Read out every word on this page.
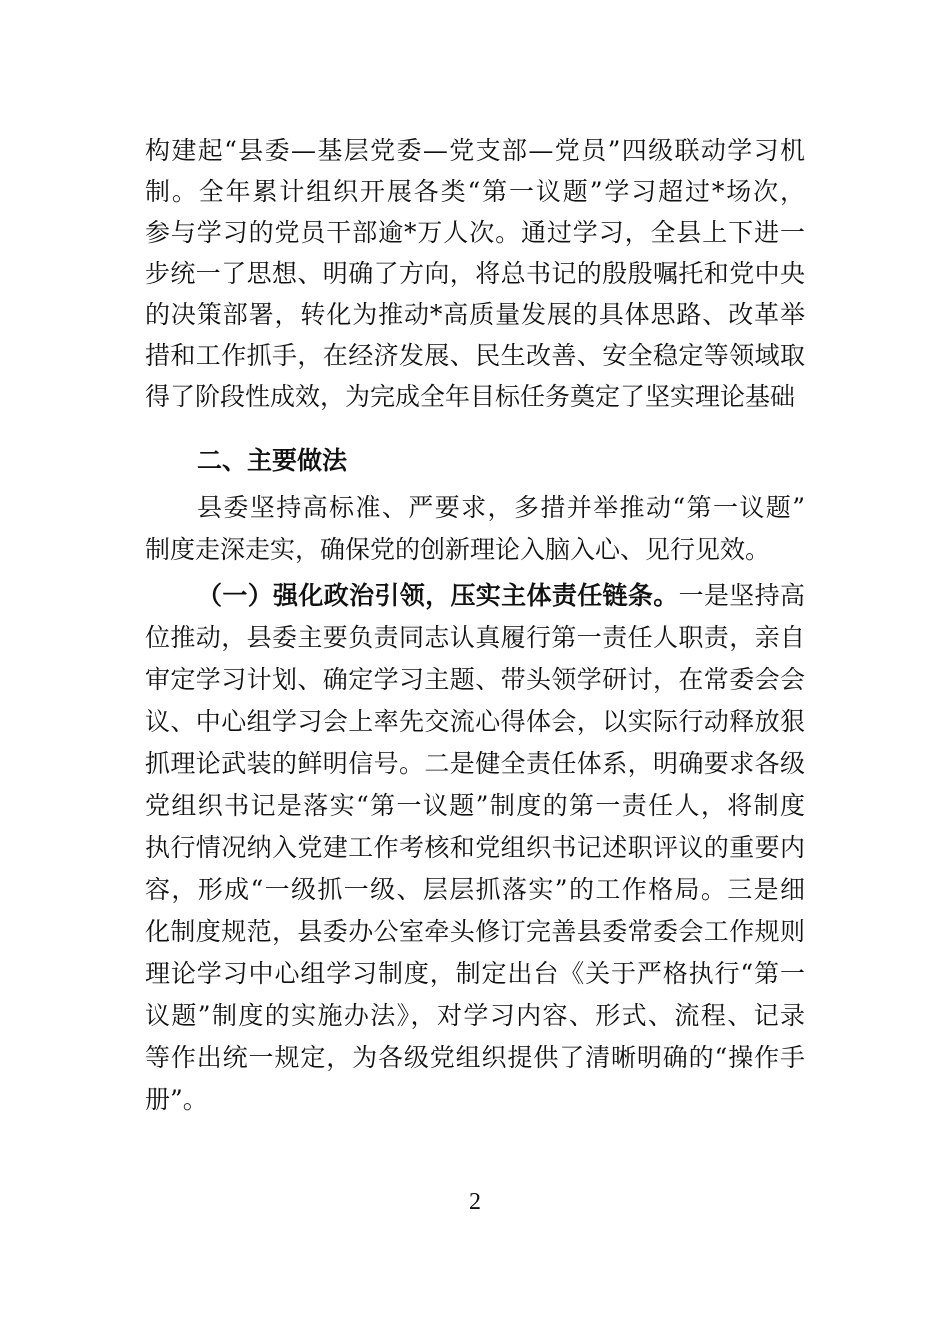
构建起“县委—基层党委—党支部—党员”四级联动学习机
制。全年累计组织开展各类“第一议题”学习超过*场次，
参与学习的党员干部逾*万人次。通过学习，全县上下进一
步统一了思想、明确了方向，将总书记的殷殷嘱托和党中央
的决策部署，转化为推动*高质量发展的具体思路、改革举
措和工作抓手，在经济发展、民生改善、安全稳定等领域取
得了阶段性成效，为完成全年目标任务奠定了坚实理论基础
二、主要做法
县委坚持高标准、严要求，多措并举推动“第一议题”
制度走深走实，确保党的创新理论入脑入心、见行见效。
（一）强化政治引领，压实主体责任链条。一是坚持高
位推动，县委主要负责同志认真履行第一责任人职责，亲自
审定学习计划、确定学习主题、带头领学研讨，在常委会会
议、中心组学习会上率先交流心得体会，以实际行动释放狠
抓理论武装的鲜明信号。二是健全责任体系，明确要求各级
党组织书记是落实“第一议题”制度的第一责任人，将制度
执行情况纳入党建工作考核和党组织书记述职评议的重要内
容，形成“一级抓一级、层层抓落实”的工作格局。三是细
化制度规范，县委办公室牵头修订完善县委常委会工作规则
理论学习中心组学习制度，制定出台《关于严格执行“第一
议题”制度的实施办法》，对学习内容、形式、流程、记录
等作出统一规定，为各级党组织提供了清晰明确的“操作手
册”。
2
